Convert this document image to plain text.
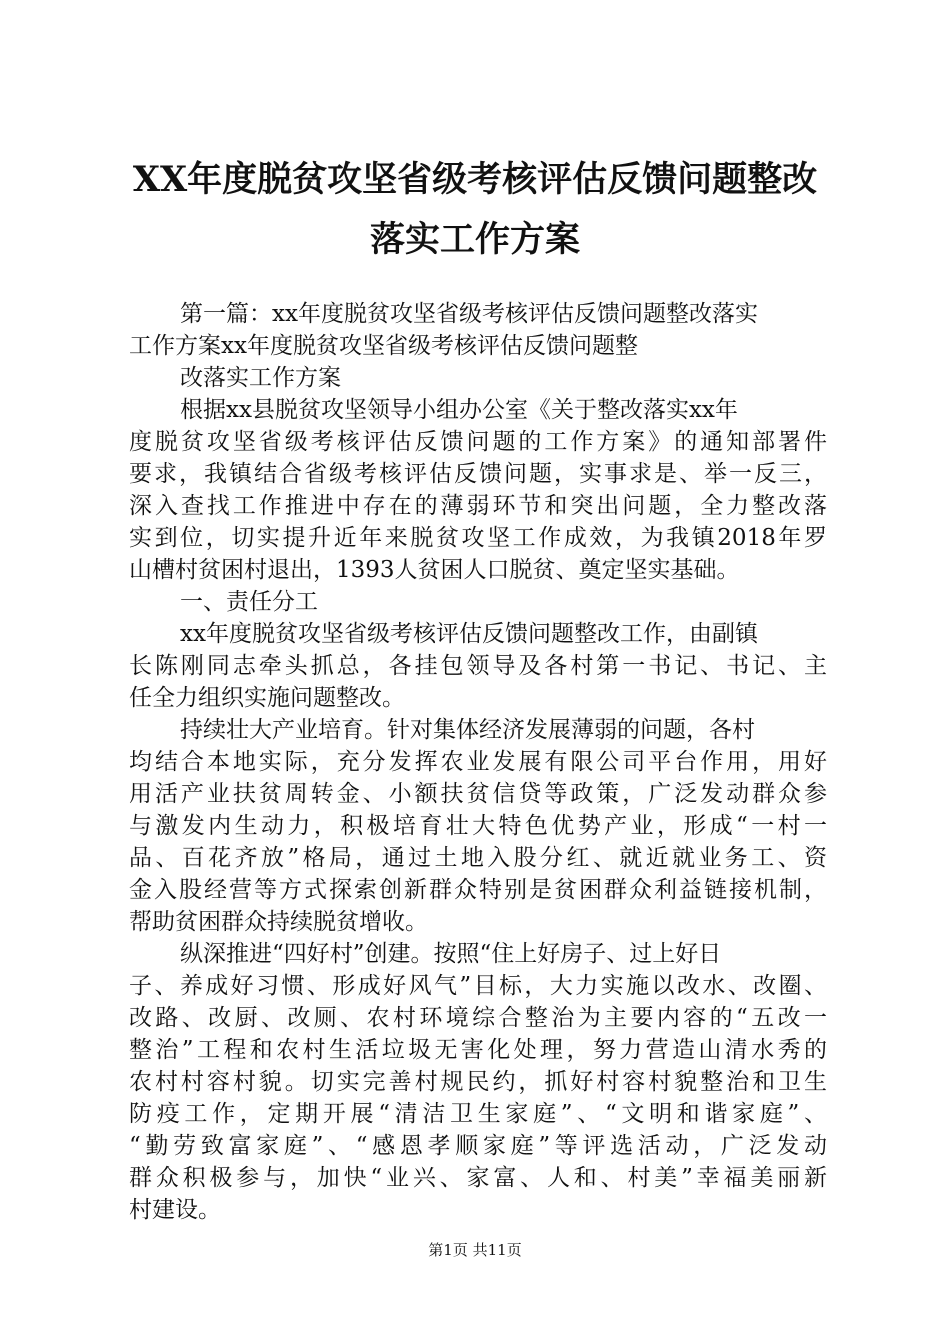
XX年度脱贫攻坚省级考核评估反馈问题整改
落实工作方案
第一篇：xx年度脱贫攻坚省级考核评估反馈问题整改落实
工作方案xx年度脱贫攻坚省级考核评估反馈问题整
改落实工作方案
根据xx县脱贫攻坚领导小组办公室《关于整改落实xx年
度脱贫攻坚省级考核评估反馈问题的工作方案》的通知部署件
要求，我镇结合省级考核评估反馈问题，实事求是、举一反三，
深入查找工作推进中存在的薄弱环节和突出问题，全力整改落
实到位，切实提升近年来脱贫攻坚工作成效，为我镇2018年罗
山槽村贫困村退出，1393人贫困人口脱贫、奠定坚实基础。
一、责任分工
xx年度脱贫攻坚省级考核评估反馈问题整改工作，由副镇
长陈刚同志牵头抓总，各挂包领导及各村第一书记、书记、主
任全力组织实施问题整改。
持续壮大产业培育。针对集体经济发展薄弱的问题，各村
均结合本地实际，充分发挥农业发展有限公司平台作用，用好
用活产业扶贫周转金、小额扶贫信贷等政策，广泛发动群众参
与激发内生动力，积极培育壮大特色优势产业，形成“一村一
品、百花齐放”格局，通过土地入股分红、就近就业务工、资
金入股经营等方式探索创新群众特别是贫困群众利益链接机制，
帮助贫困群众持续脱贫增收。
纵深推进“四好村”创建。按照“住上好房子、过上好日
子、养成好习惯、形成好风气”目标，大力实施以改水、改圈、
改路、改厨、改厕、农村环境综合整治为主要内容的“五改一
整治”工程和农村生活垃圾无害化处理，努力营造山清水秀的
农村村容村貌。切实完善村规民约，抓好村容村貌整治和卫生
防疫工作，定期开展“清洁卫生家庭”、“文明和谐家庭”、
“勤劳致富家庭”、“感恩孝顺家庭”等评选活动，广泛发动
群众积极参与，加快“业兴、家富、人和、村美”幸福美丽新
村建设。
第1页 共11页
